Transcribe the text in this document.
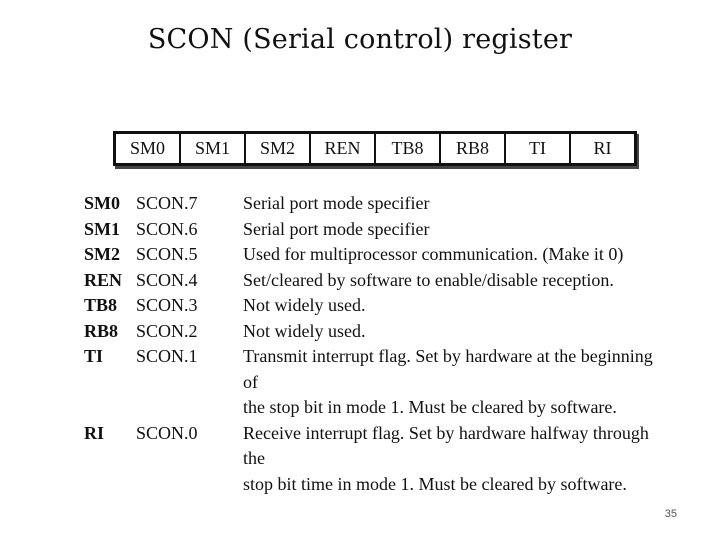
SCON (Serial control) register
SM0	SM1	SM2	REN	TB8	RB8	TI	RI
SM0 SCON.7	Serial port mode specifier
SM1 SCON.6	Serial port mode specifier
SM2 SCON.5	Used for multiprocessor communication. (Make it 0)
REN SCON.4	Set/cleared by software to enable/disable reception.
TB8	SCON.3	Not widely used.
RB8 SCON.2	Not widely used.
TI	SCON.1	Transmit interrupt flag. Set by hardware at the beginning of
the stop bit in mode 1. Must be cleared by software.
RI	SCON.0	Receive interrupt flag. Set by hardware halfway through the
stop bit time in mode 1. Must be cleared by software.
35
